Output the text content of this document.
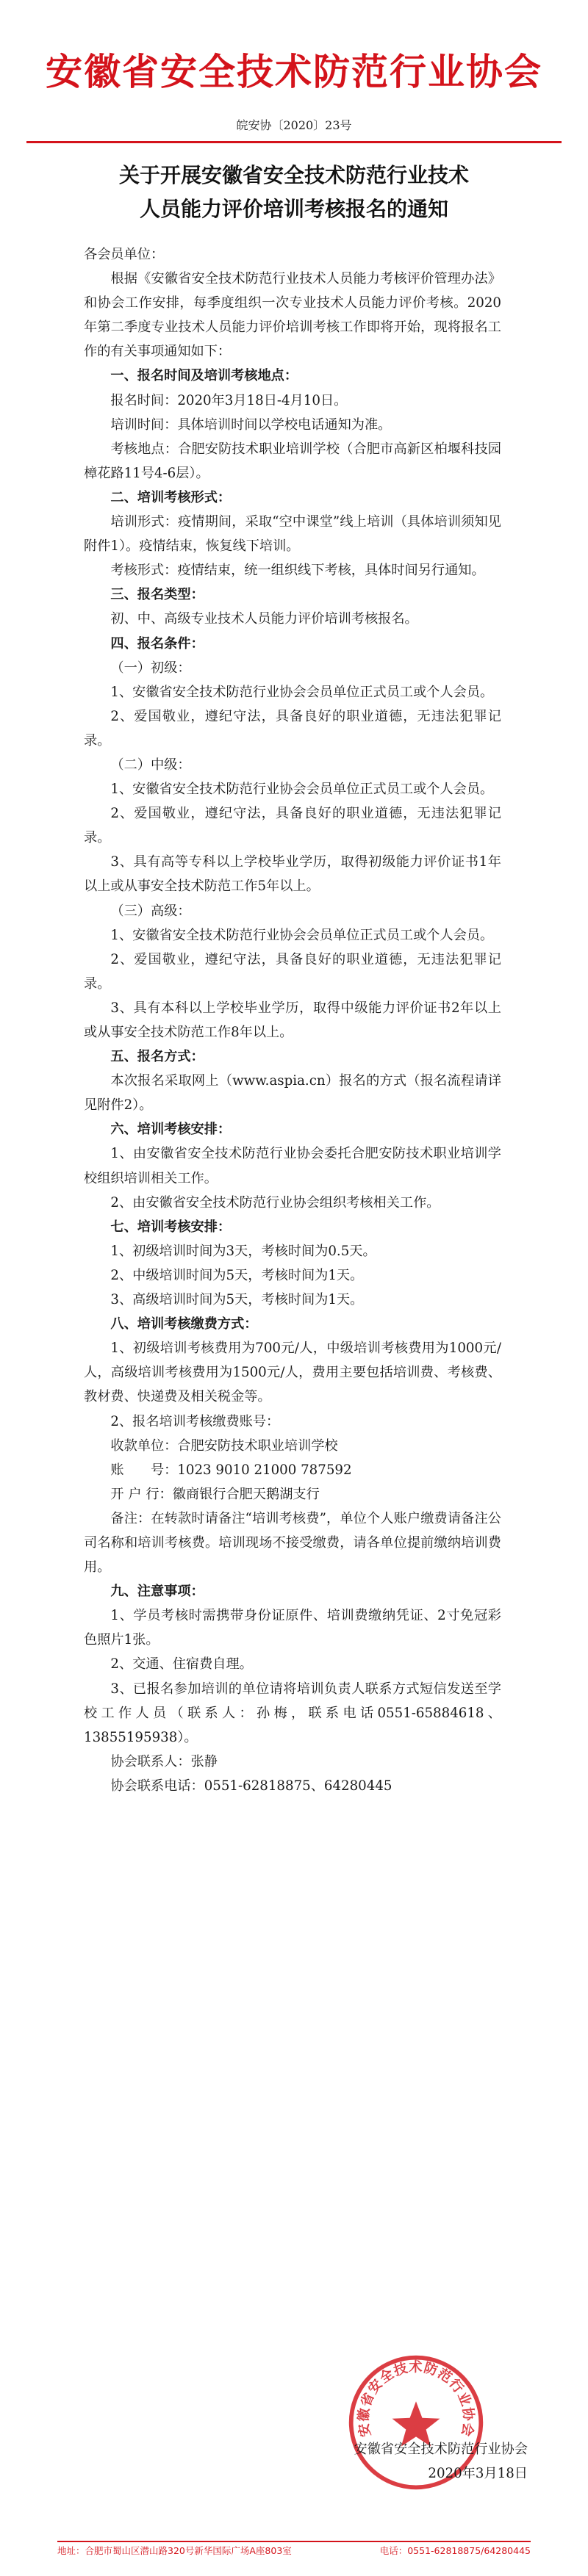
安徽省安全技术防范行业协会
皖安协〔2020〕23号
关于开展安徽省安全技术防范行业技术
人员能力评价培训考核报名的通知

各会员单位：

根据《安徽省安全技术防范行业技术人员能力考核评价管理办法》和协会工作安排，每季度组织一次专业技术人员能力评价考核。2020年第二季度专业技术人员能力评价培训考核工作即将开始，现将报名工作的有关事项通知如下：

一、报名时间及培训考核地点：

报名时间：2020年3月18日-4月10日。

培训时间：具体培训时间以学校电话通知为准。

考核地点：合肥安防技术职业培训学校（合肥市高新区柏堰科技园樟花路11号4-6层）。

二、培训考核形式：

培训形式：疫情期间，采取“空中课堂”线上培训（具体培训须知见附件1）。疫情结束，恢复线下培训。

考核形式：疫情结束，统一组织线下考核，具体时间另行通知。

三、报名类型：

初、中、高级专业技术人员能力评价培训考核报名。

四、报名条件：

（一）初级：

1、安徽省安全技术防范行业协会会员单位正式员工或个人会员。

2、爱国敬业，遵纪守法，具备良好的职业道德，无违法犯罪记录。

（二）中级：

1、安徽省安全技术防范行业协会会员单位正式员工或个人会员。

2、爱国敬业，遵纪守法，具备良好的职业道德，无违法犯罪记录。

3、具有高等专科以上学校毕业学历，取得初级能力评价证书1年以上或从事安全技术防范工作5年以上。

（三）高级：

1、安徽省安全技术防范行业协会会员单位正式员工或个人会员。

2、爱国敬业，遵纪守法，具备良好的职业道德，无违法犯罪记录。

3、具有本科以上学校毕业学历，取得中级能力评价证书2年以上或从事安全技术防范工作8年以上。

五、报名方式：

本次报名采取网上（www.aspia.cn）报名的方式（报名流程请详见附件2）。

六、培训考核安排：

1、由安徽省安全技术防范行业协会委托合肥安防技术职业培训学校组织培训相关工作。

2、由安徽省安全技术防范行业协会组织考核相关工作。

七、培训考核安排：

1、初级培训时间为3天，考核时间为0.5天。

2、中级培训时间为5天，考核时间为1天。

3、高级培训时间为5天，考核时间为1天。

八、培训考核缴费方式：

1、初级培训考核费用为700元/人，中级培训考核费用为1000元/人，高级培训考核费用为1500元/人，费用主要包括培训费、考核费、教材费、快递费及相关税金等。

2、报名培训考核缴费账号：

收款单位：合肥安防技术职业培训学校

账　　号：1023 9010 21000 787592

开 户 行：徽商银行合肥天鹅湖支行

备注：在转款时请备注“培训考核费”，单位个人账户缴费请备注公司名称和培训考核费。培训现场不接受缴费，请各单位提前缴纳培训费用。

九、注意事项：

1、学员考核时需携带身份证原件、培训费缴纳凭证、2寸免冠彩色照片1张。

2、交通、住宿费自理。

3、已报名参加培训的单位请将培训负责人联系方式短信发送至学校工作人员（联系人：孙梅，联系电话0551-65884618、13855195938）。

协会联系人：张静

协会联系电话：0551-62818875、64280445

安徽省安全技术防范行业协会

安徽省安全技术防范行业协会

2020年3月18日

地址：合肥市蜀山区潜山路320号新华国际广场A座803室	电话：0551-62818875/64280445
